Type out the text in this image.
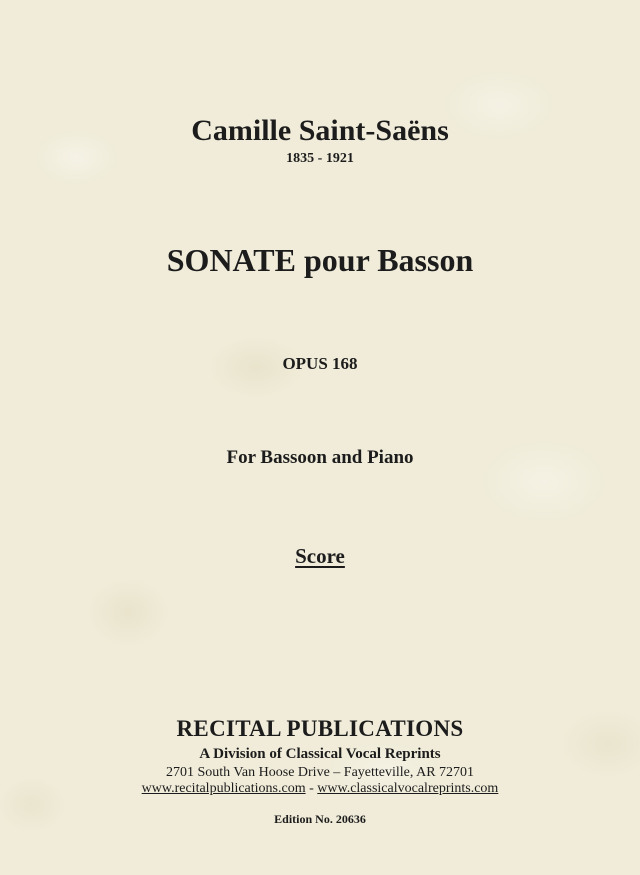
Camille Saint-Saëns
1835 - 1921
SONATE pour Basson
OPUS 168
For Bassoon and Piano
Score
RECITAL PUBLICATIONS
A Division of Classical Vocal Reprints
2701 South Van Hoose Drive – Fayetteville, AR 72701
www.recitalpublications.com - www.classicalvocalreprints.com
Edition No. 20636
